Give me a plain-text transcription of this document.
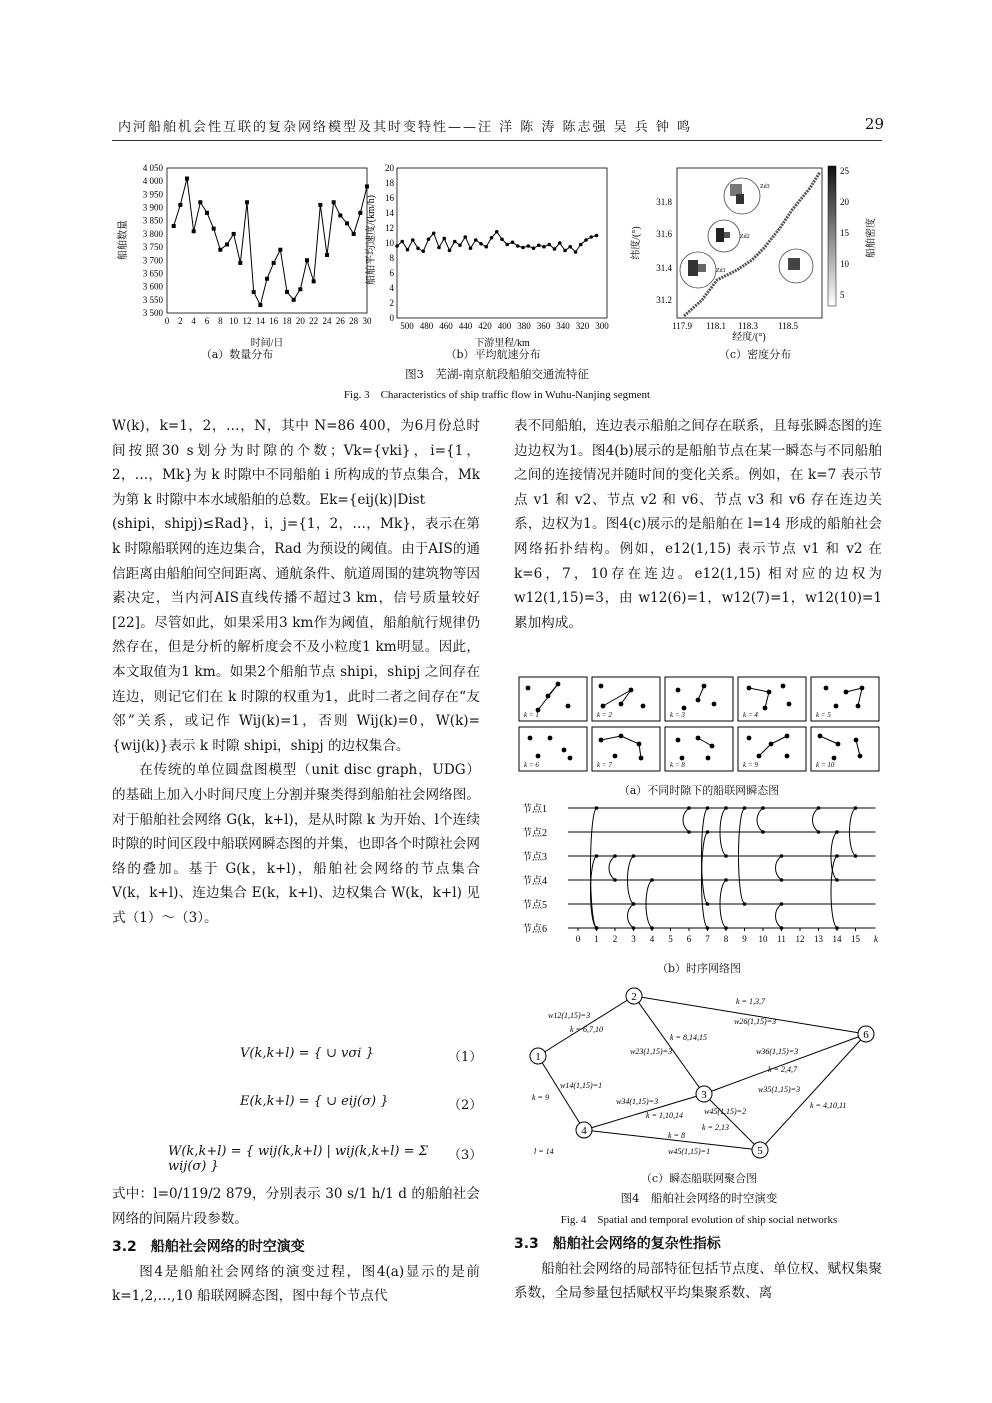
内河船舶机会性互联的复杂网络模型及其时变特性——汪 洋 陈 涛 陈志强 吴 兵 钟 鸣	29
4 050
4 000
3 950
3 900
3 850
3 800
3 750
3 700
3 650
3 600
3 550
3 500
0 2 4 6 8 10 12 14 16 18 20 22 24 26 28 30
船舶数量
时间/日
20
18
16
14
12
10
8
6
4
2
0
500 480 460 440 420 400 380 360 340 320 300
船舶平均速度/(km/h)
下游里程/km
Zd3
Zd2
Zd1
31.8
31.6
31.4
31.2
117.9 118.1 118.3 118.5
纬度/(°)
经度/(°)
25
20
15
10
5
船舶密度
（a）数量分布	（b）平均航速分布	（c）密度分布
图3　芜湖-南京航段船舶交通流特征
Fig. 3　Characteristics of ship traffic flow in Wuhu-Nanjing segment

W(k)，k=1，2，…，N，其中 N=86 400，为6月份总时间按照30 s划分为时隙的个数；Vk={vki}，i={1，2，…，Mk}为 k 时隙中不同船舶 i 所构成的节点集合，Mk 为第 k 时隙中本水域船舶的总数。Ek={eij(k)|Dist

(shipi，shipj)≤Rad}，i，j={1，2，…，Mk}，表示在第 k 时隙船联网的连边集合，Rad 为预设的阈值。由于AIS的通信距离由船舶间空间距离、通航条件、航道周围的建筑物等因素决定，当内河AIS直线传播不超过3 km，信号质量较好[22]。尽管如此，如果采用3 km作为阈值，船舶航行规律仍然存在，但是分析的解析度会不及小粒度1 km明显。因此，本文取值为1 km。如果2个船舶节点 shipi，shipj 之间存在连边，则记它们在 k 时隙的权重为1，此时二者之间存在“友邻”关系，或记作 Wij(k)=1，否则 Wij(k)=0，W(k)={wij(k)}表示 k 时隙 shipi，shipj 的边权集合。

在传统的单位圆盘图模型（unit disc graph，UDG）的基础上加入小时间尺度上分割并聚类得到船舶社会网络图。对于船舶社会网络 G(k，k+l)，是从时隙 k 为开始、l个连续时隙的时间区段中船联网瞬态图的并集，也即各个时隙社会网络的叠加。基于 G(k，k+l)，船舶社会网络的节点集合 V(k，k+l)、连边集合 E(k，k+l)、边权集合 W(k，k+l) 见式（1）～（3）。

V(k,k+l) = { ∪ vσi }	（1）
E(k,k+l) = { ∪ eij(σ) }	（2）
W(k,k+l) = { wij(k,k+l) | wij(k,k+l) = Σ wij(σ) }
（3）

式中：l=0/119/2 879，分别表示 30 s/1 h/1 d 的船舶社会网络的间隔片段参数。

3.2　船舶社会网络的时空演变

图4是船舶社会网络的演变过程，图4(a)显示的是前 k=1,2,…,10 船联网瞬态图，图中每个节点代

表不同船舶，连边表示船舶之间存在联系，且每张瞬态图的连边边权为1。图4(b)展示的是船舶节点在某一瞬态与不同船舶之间的连接情况并随时间的变化关系。例如，在 k=7 表示节点 v1 和 v2、节点 v2 和 v6、节点 v3 和 v6 存在连边关系，边权为1。图4(c)展示的是船舶在 l=14 形成的船舶社会网络拓扑结构。例如，e12(1,15) 表示节点 v1 和 v2 在 k=6，7，10存在连边。e12(1,15) 相对应的边权为 w12(1,15)=3，由 w12(6)=1，w12(7)=1，w12(10)=1 累加构成。

k = 1	k = 2	k = 3	k = 4	k = 5
k = 6	k = 7	k = 8	k = 9	k = 10
（a）不同时隙下的船联网瞬态图
节点1
节点2
节点3
节点4
节点5
节点6
0 1 2 3 4 5 6 7 8 9 10 11 12 13 14 15 k
（b）时序网络图
1
2
3
4
5
6
w12(1,15)=3
k = 6,7,10
k = 1,3,7
w26(1,15)=3
k = 8,14,15
w23(1,15)=3	w36(1,15)=3
k = 2,4,7
w35(1,15)=3
k = 4,10,11
w14(1,15)=1
k = 9	w34(1,15)=3
k = 1,10,14	w45(1,15)=2
k = 2,13
k = 8
w45(1,15)=1
l = 14
（c）瞬态船联网聚合图
图4　船舶社会网络的时空演变
Fig. 4　Spatial and temporal evolution of ship social networks

3.3　船舶社会网络的复杂性指标

船舶社会网络的局部特征包括节点度、单位权、赋权集聚系数，全局参量包括赋权平均集聚系数、离
